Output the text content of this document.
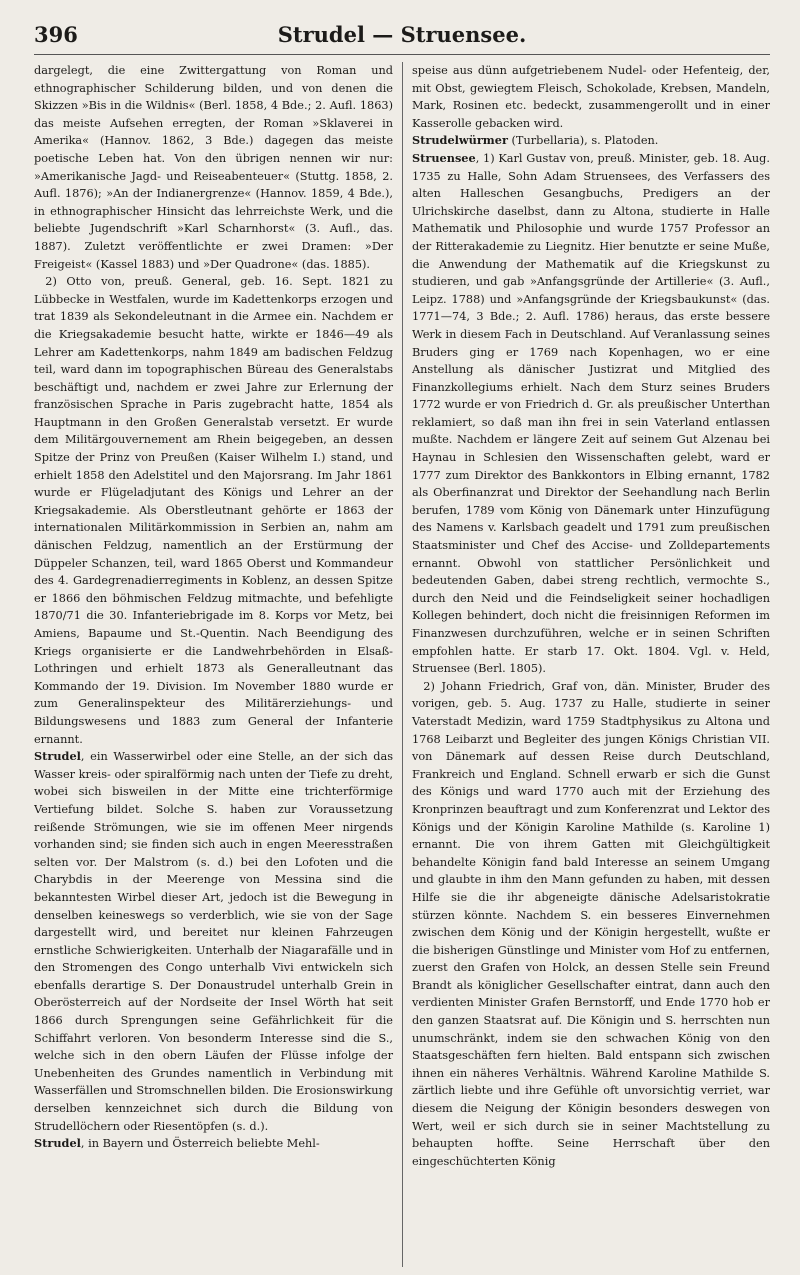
396	Strudel — Struensee.

dargelegt, die eine Zwittergattung von Roman und ethnographischer Schilderung bilden, und von denen die Skizzen »Bis in die Wildnis« (Berl. 1858, 4 Bde.; 2. Aufl. 1863) das meiste Aufsehen erregten, der Roman »Sklaverei in Amerika« (Hannov. 1862, 3 Bde.) dagegen das meiste poetische Leben hat. Von den übrigen nennen wir nur: »Amerikanische Jagd- und Reiseabenteuer« (Stuttg. 1858, 2. Aufl. 1876); »An der Indianergrenze« (Hannov. 1859, 4 Bde.), in ethnographischer Hinsicht das lehrreichste Werk, und die beliebte Jugendschrift »Karl Scharnhorst« (3. Aufl., das. 1887). Zuletzt veröffentlichte er zwei Dramen: »Der Freigeist« (Kassel 1883) und »Der Quadrone« (das. 1885).

2) Otto von, preuß. General, geb. 16. Sept. 1821 zu Lübbecke in Westfalen, wurde im Kadettenkorps erzogen und trat 1839 als Sekondeleutnant in die Armee ein. Nachdem er die Kriegsakademie besucht hatte, wirkte er 1846—49 als Lehrer am Kadettenkorps, nahm 1849 am badischen Feldzug teil, ward dann im topographischen Büreau des Generalstabs beschäftigt und, nachdem er zwei Jahre zur Erlernung der französischen Sprache in Paris zugebracht hatte, 1854 als Hauptmann in den Großen Generalstab versetzt. Er wurde dem Militärgouvernement am Rhein beigegeben, an dessen Spitze der Prinz von Preußen (Kaiser Wilhelm I.) stand, und erhielt 1858 den Adelstitel und den Majorsrang. Im Jahr 1861 wurde er Flügeladjutant des Königs und Lehrer an der Kriegsakademie. Als Oberstleutnant gehörte er 1863 der internationalen Militärkommission in Serbien an, nahm am dänischen Feldzug, namentlich an der Erstürmung der Düppeler Schanzen, teil, ward 1865 Oberst und Kommandeur des 4. Gardegrenadierregiments in Koblenz, an dessen Spitze er 1866 den böhmischen Feldzug mitmachte, und befehligte 1870/71 die 30. Infanteriebrigade im 8. Korps vor Metz, bei Amiens, Bapaume und St.-Quentin. Nach Beendigung des Kriegs organisierte er die Landwehrbehörden in Elsaß-Lothringen und erhielt 1873 als Generalleutnant das Kommando der 19. Division. Im November 1880 wurde er zum Generalinspekteur des Militärerziehungs- und Bildungswesens und 1883 zum General der Infanterie ernannt.

Strudel, ein Wasserwirbel oder eine Stelle, an der sich das Wasser kreis- oder spiralförmig nach unten der Tiefe zu dreht, wobei sich bisweilen in der Mitte eine trichterförmige Vertiefung bildet. Solche S. haben zur Voraussetzung reißende Strömungen, wie sie im offenen Meer nirgends vorhanden sind; sie finden sich auch in engen Meeresstraßen selten vor. Der Malstrom (s. d.) bei den Lofoten und die Charybdis in der Meerenge von Messina sind die bekanntesten Wirbel dieser Art, jedoch ist die Bewegung in denselben keineswegs so verderblich, wie sie von der Sage dargestellt wird, und bereitet nur kleinen Fahrzeugen ernstliche Schwierigkeiten. Unterhalb der Niagarafälle und in den Stromengen des Congo unterhalb Vivi entwickeln sich ebenfalls derartige S. Der Donaustrudel unterhalb Grein in Oberösterreich auf der Nordseite der Insel Wörth hat seit 1866 durch Sprengungen seine Gefährlichkeit für die Schiffahrt verloren. Von besonderm Interesse sind die S., welche sich in den obern Läufen der Flüsse infolge der Unebenheiten des Grundes namentlich in Verbindung mit Wasserfällen und Stromschnellen bilden. Die Erosionswirkung derselben kennzeichnet sich durch die Bildung von Strudellöchern oder Riesentöpfen (s. d.).

Strudel, in Bayern und Österreich beliebte Mehl-

speise aus dünn aufgetriebenem Nudel- oder Hefenteig, der, mit Obst, gewiegtem Fleisch, Schokolade, Krebsen, Mandeln, Mark, Rosinen etc. bedeckt, zusammengerollt und in einer Kasserolle gebacken wird.

Strudelwürmer (Turbellaria), s. Platoden.

Struensee, 1) Karl Gustav von, preuß. Minister, geb. 18. Aug. 1735 zu Halle, Sohn Adam Struensees, des Verfassers des alten Halleschen Gesangbuchs, Predigers an der Ulrichskirche daselbst, dann zu Altona, studierte in Halle Mathematik und Philosophie und wurde 1757 Professor an der Ritterakademie zu Liegnitz. Hier benutzte er seine Muße, die Anwendung der Mathematik auf die Kriegskunst zu studieren, und gab »Anfangsgründe der Artillerie« (3. Aufl., Leipz. 1788) und »Anfangsgründe der Kriegsbaukunst« (das. 1771—74, 3 Bde.; 2. Aufl. 1786) heraus, das erste bessere Werk in diesem Fach in Deutschland. Auf Veranlassung seines Bruders ging er 1769 nach Kopenhagen, wo er eine Anstellung als dänischer Justizrat und Mitglied des Finanzkollegiums erhielt. Nach dem Sturz seines Bruders 1772 wurde er von Friedrich d. Gr. als preußischer Unterthan reklamiert, so daß man ihn frei in sein Vaterland entlassen mußte. Nachdem er längere Zeit auf seinem Gut Alzenau bei Haynau in Schlesien den Wissenschaften gelebt, ward er 1777 zum Direktor des Bankkontors in Elbing ernannt, 1782 als Oberfinanzrat und Direktor der Seehandlung nach Berlin berufen, 1789 vom König von Dänemark unter Hinzufügung des Namens v. Karlsbach geadelt und 1791 zum preußischen Staatsminister und Chef des Accise- und Zolldepartements ernannt. Obwohl von stattlicher Persönlichkeit und bedeutenden Gaben, dabei streng rechtlich, vermochte S., durch den Neid und die Feindseligkeit seiner hochadligen Kollegen behindert, doch nicht die freisinnigen Reformen im Finanzwesen durchzuführen, welche er in seinen Schriften empfohlen hatte. Er starb 17. Okt. 1804. Vgl. v. Held, Struensee (Berl. 1805).

2) Johann Friedrich, Graf von, dän. Minister, Bruder des vorigen, geb. 5. Aug. 1737 zu Halle, studierte in seiner Vaterstadt Medizin, ward 1759 Stadtphysikus zu Altona und 1768 Leibarzt und Begleiter des jungen Königs Christian VII. von Dänemark auf dessen Reise durch Deutschland, Frankreich und England. Schnell erwarb er sich die Gunst des Königs und ward 1770 auch mit der Erziehung des Kronprinzen beauftragt und zum Konferenzrat und Lektor des Königs und der Königin Karoline Mathilde (s. Karoline 1) ernannt. Die von ihrem Gatten mit Gleichgültigkeit behandelte Königin fand bald Interesse an seinem Umgang und glaubte in ihm den Mann gefunden zu haben, mit dessen Hilfe sie die ihr abgeneigte dänische Adelsaristokratie stürzen könnte. Nachdem S. ein besseres Einvernehmen zwischen dem König und der Königin hergestellt, wußte er die bisherigen Günstlinge und Minister vom Hof zu entfernen, zuerst den Grafen von Holck, an dessen Stelle sein Freund Brandt als königlicher Gesellschafter eintrat, dann auch den verdienten Minister Grafen Bernstorff, und Ende 1770 hob er den ganzen Staatsrat auf. Die Königin und S. herrschten nun unumschränkt, indem sie den schwachen König von den Staatsgeschäften fern hielten. Bald entspann sich zwischen ihnen ein näheres Verhältnis. Während Karoline Mathilde S. zärtlich liebte und ihre Gefühle oft unvorsichtig verriet, war diesem die Neigung der Königin besonders deswegen von Wert, weil er sich durch sie in seiner Machtstellung zu behaupten hoffte. Seine Herrschaft über den eingeschüchterten König
